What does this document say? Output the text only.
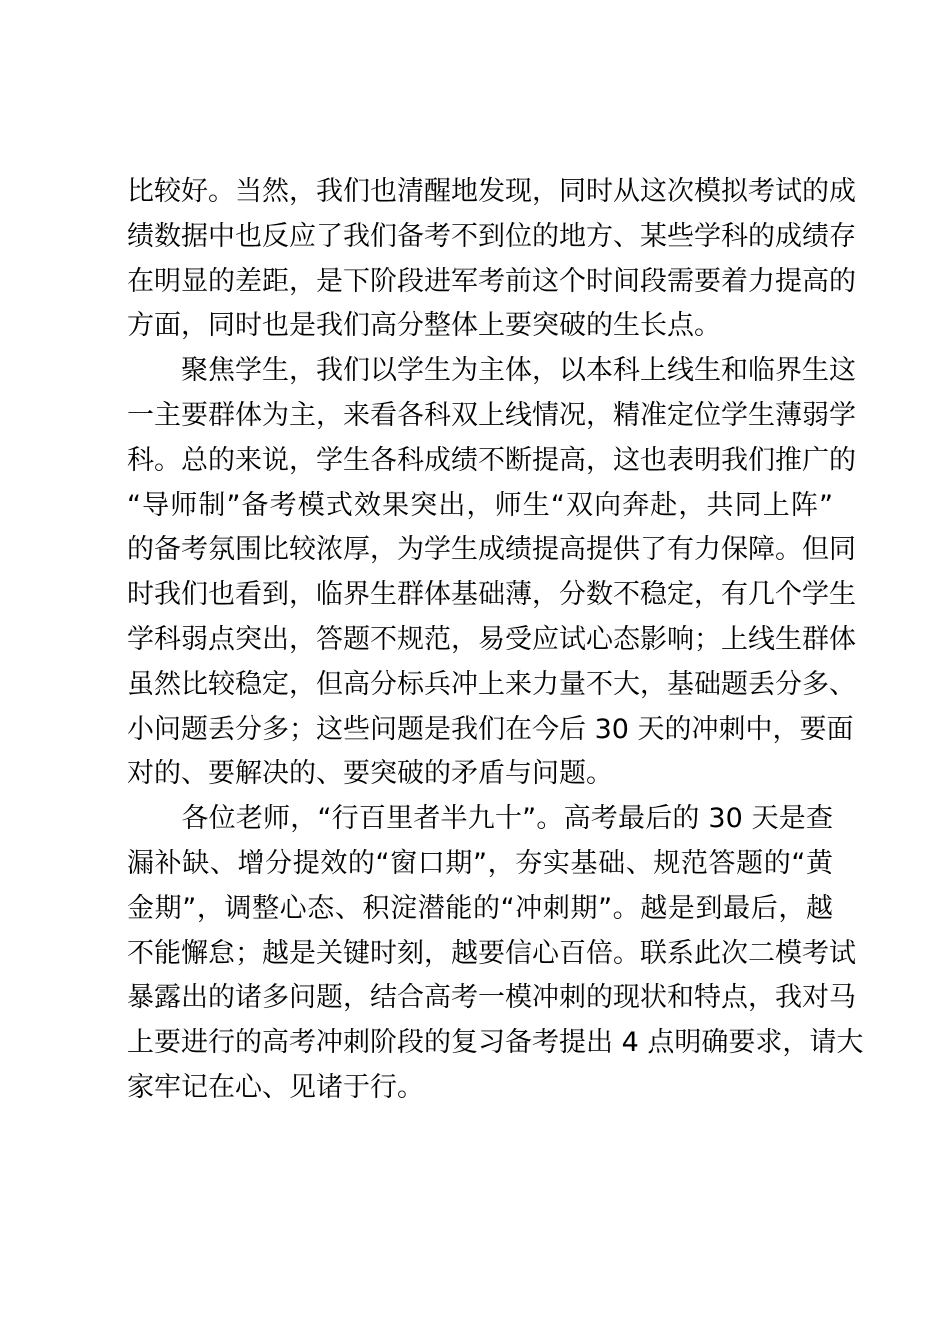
比较好。当然，我们也清醒地发现，同时从这次模拟考试的成
绩数据中也反应了我们备考不到位的地方、某些学科的成绩存
在明显的差距，是下阶段进军考前这个时间段需要着力提高的
方面，同时也是我们高分整体上要突破的生长点。
　　聚焦学生，我们以学生为主体，以本科上线生和临界生这
一主要群体为主，来看各科双上线情况，精准定位学生薄弱学
科。总的来说，学生各科成绩不断提高，这也表明我们推广的
“导师制”备考模式效果突出，师生“双向奔赴，共同上阵”
的备考氛围比较浓厚，为学生成绩提高提供了有力保障。但同
时我们也看到，临界生群体基础薄，分数不稳定，有几个学生
学科弱点突出，答题不规范，易受应试心态影响；上线生群体
虽然比较稳定，但高分标兵冲上来力量不大，基础题丢分多、
小问题丢分多；这些问题是我们在今后 30 天的冲刺中，要面
对的、要解决的、要突破的矛盾与问题。
　　各位老师，“行百里者半九十”。高考最后的 30 天是查
漏补缺、增分提效的“窗口期”，夯实基础、规范答题的“黄
金期”，调整心态、积淀潜能的“冲刺期”。越是到最后，越
不能懈怠；越是关键时刻，越要信心百倍。联系此次二模考试
暴露出的诸多问题，结合高考一模冲刺的现状和特点，我对马
上要进行的高考冲刺阶段的复习备考提出 4 点明确要求，请大
家牢记在心、见诸于行。
